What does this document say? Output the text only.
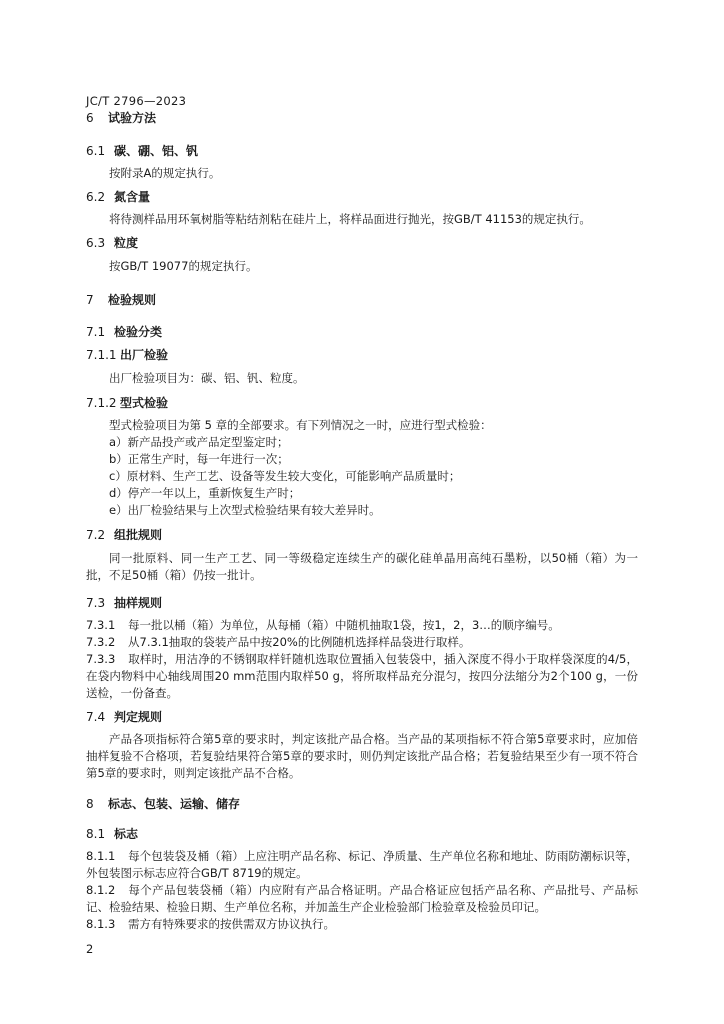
JC/T 2796—2023
6 试验方法
6.1 碳、硼、铝、钒
按附录A的规定执行。
6.2 氮含量
将待测样品用环氧树脂等粘结剂粘在硅片上，将样品面进行抛光，按GB/T 41153的规定执行。
6.3 粒度
按GB/T 19077的规定执行。
7 检验规则
7.1 检验分类
7.1.1 出厂检验
出厂检验项目为：碳、铝、钒、粒度。
7.1.2 型式检验
型式检验项目为第 5 章的全部要求。有下列情况之一时，应进行型式检验：
a）新产品投产或产品定型鉴定时；
b）正常生产时，每一年进行一次；
c）原材料、生产工艺、设备等发生较大变化，可能影响产品质量时；
d）停产一年以上，重新恢复生产时；
e）出厂检验结果与上次型式检验结果有较大差异时。
7.2 组批规则
同一批原料、同一生产工艺、同一等级稳定连续生产的碳化硅单晶用高纯石墨粉，以50桶（箱）为一批，不足50桶（箱）仍按一批计。
7.3 抽样规则
7.3.1 每一批以桶（箱）为单位，从每桶（箱）中随机抽取1袋，按1，2，3…的顺序编号。
7.3.2 从7.3.1抽取的袋装产品中按20%的比例随机选择样品袋进行取样。
7.3.3 取样时，用洁净的不锈钢取样钎随机选取位置插入包装袋中，插入深度不得小于取样袋深度的4/5，在袋内物料中心轴线周围20 mm范围内取样50 g，将所取样品充分混匀，按四分法缩分为2个100 g，一份送检，一份备查。
7.4 判定规则
产品各项指标符合第5章的要求时，判定该批产品合格。当产品的某项指标不符合第5章要求时，应加倍抽样复验不合格项，若复验结果符合第5章的要求时，则仍判定该批产品合格；若复验结果至少有一项不符合第5章的要求时，则判定该批产品不合格。
8 标志、包装、运输、储存
8.1 标志
8.1.1 每个包装袋及桶（箱）上应注明产品名称、标记、净质量、生产单位名称和地址、防雨防潮标识等，外包装图示标志应符合GB/T 8719的规定。
8.1.2 每个产品包装袋桶（箱）内应附有产品合格证明。产品合格证应包括产品名称、产品批号、产品标记、检验结果、检验日期、生产单位名称，并加盖生产企业检验部门检验章及检验员印记。
8.1.3 需方有特殊要求的按供需双方协议执行。
2
